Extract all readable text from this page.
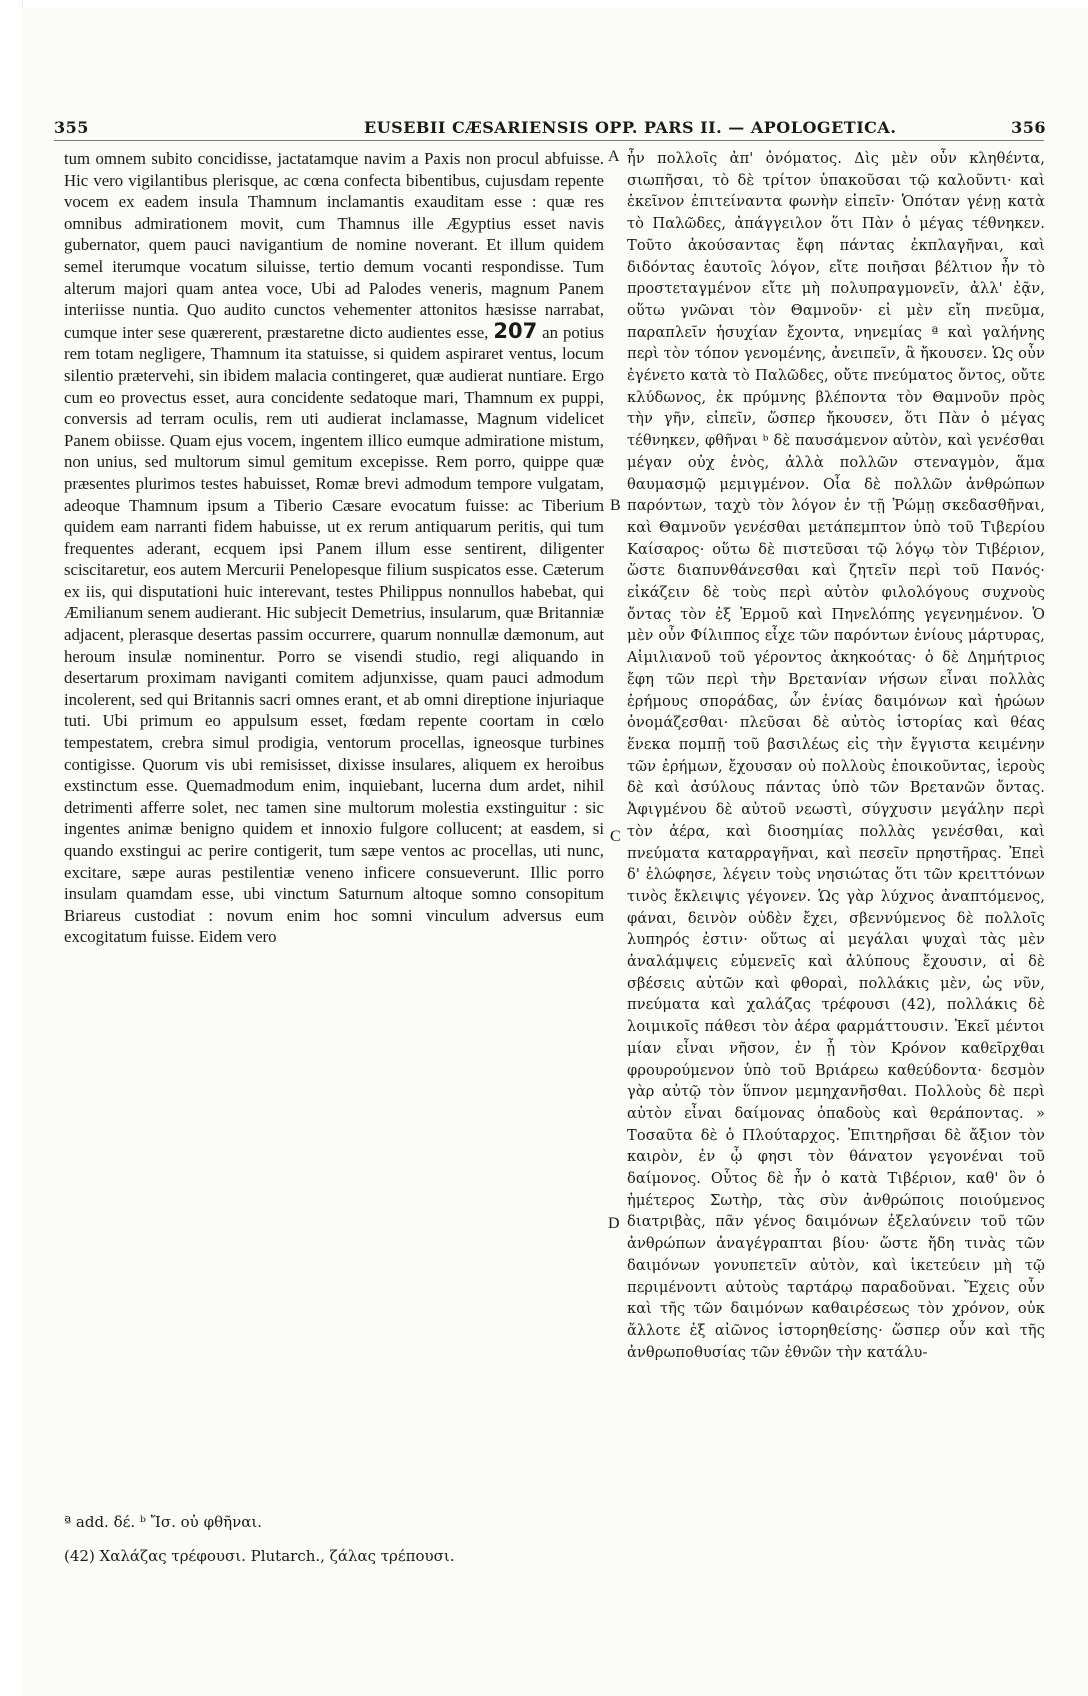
355	EUSEBII CÆSARIENSIS OPP. PARS II. — APOLOGETICA.	356

tum omnem subito concidisse, jactatamque navim a Paxis non procul abfuisse. Hic vero vigilantibus plerisque, ac cœna confecta bibentibus, cujusdam repente vocem ex eadem insula Thamnum inclamantis exauditam esse : quæ res omnibus admirationem movit, cum Thamnus ille Ægyptius esset navis gubernator, quem pauci navigantium de nomine noverant. Et illum quidem semel iterumque vocatum siluisse, tertio demum vocanti respondisse. Tum alterum majori quam antea voce, Ubi ad Palodes veneris, magnum Panem interiisse nuntia. Quo audito cunctos vehementer attonitos hæsisse narrabat, cumque inter sese quærerent, præstaretne dicto audientes esse, 207 an potius rem totam negligere, Thamnum ita statuisse, si quidem aspiraret ventus, locum silentio prætervehi, sin ibidem malacia contingeret, quæ audierat nuntiare. Ergo cum eo provectus esset, aura concidente sedatoque mari, Thamnum ex puppi, conversis ad terram oculis, rem uti audierat inclamasse, Magnum videlicet Panem obiisse. Quam ejus vocem, ingentem illico eumque admiratione mistum, non unius, sed multorum simul gemitum excepisse. Rem porro, quippe quæ præsentes plurimos testes habuisset, Romæ brevi admodum tempore vulgatam, adeoque Thamnum ipsum a Tiberio Cæsare evocatum fuisse: ac Tiberium quidem eam narranti fidem habuisse, ut ex rerum antiquarum peritis, qui tum frequentes aderant, ecquem ipsi Panem illum esse sentirent, diligenter sciscitaretur, eos autem Mercurii Penelopesque filium suspicatos esse. Cæterum ex iis, qui disputationi huic interevant, testes Philippus nonnullos habebat, qui Æmilianum senem audierant. Hic subjecit Demetrius, insularum, quæ Britanniæ adjacent, plerasque desertas passim occurrere, quarum nonnullæ dæmonum, aut heroum insulæ nominentur. Porro se visendi studio, regi aliquando in desertarum proximam naviganti comitem adjunxisse, quam pauci admodum incolerent, sed qui Britannis sacri omnes erant, et ab omni direptione injuriaque tuti. Ubi primum eo appulsum esset, fœdam repente coortam in cœlo tempestatem, crebra simul prodigia, ventorum procellas, igneosque turbines contigisse. Quorum vis ubi remisisset, dixisse insulares, aliquem ex heroibus exstinctum esse. Quemadmodum enim, inquiebant, lucerna dum ardet, nihil detrimenti afferre solet, nec tamen sine multorum molestia exstinguitur : sic ingentes animæ benigno quidem et innoxio fulgore collucent; at easdem, si quando exstingui ac perire contigerit, tum sæpe ventos ac procellas, uti nunc, excitare, sæpe auras pestilentiæ veneno inficere consueverunt. Illic porro insulam quamdam esse, ubi vinctum Saturnum altoque somno consopitum Briareus custodiat : novum enim hoc somni vinculum adversus eum excogitatum fuisse. Eidem vero

A
B
C
D

ἦν πολλοῖς ἀπ' ὀνόματος. Δὶς μὲν οὖν κληθέντα, σιωπῆσαι, τὸ δὲ τρίτον ὑπακοῦσαι τῷ καλοῦντι· καὶ ἐκεῖνον ἐπιτείναντα φωνὴν εἰπεῖν· Ὁπόταν γένῃ κατὰ τὸ Παλῶδες, ἀπάγγειλον ὅτι Πὰν ὁ μέγας τέθνηκεν. Τοῦτο ἀκούσαντας ἔφη πάντας ἐκπλαγῆναι, καὶ διδόντας ἑαυτοῖς λόγον, εἴτε ποιῆσαι βέλτιον ἦν τὸ προστεταγμένον εἴτε μὴ πολυπραγμονεῖν, ἀλλ' ἐᾷν, οὕτω γνῶναι τὸν Θαμνοῦν· εἰ μὲν εἴη πνεῦμα, παραπλεῖν ἡσυχίαν ἔχοντα, νηνεμίας ª καὶ γαλήνης περὶ τὸν τόπον γενομένης, ἀνειπεῖν, ἃ ἤκουσεν. Ὡς οὖν ἐγένετο κατὰ τὸ Παλῶδες, οὔτε πνεύματος ὄντος, οὔτε κλύδωνος, ἐκ πρύμνης βλέποντα τὸν Θαμνοῦν πρὸς τὴν γῆν, εἰπεῖν, ὥσπερ ἤκουσεν, ὅτι Πὰν ὁ μέγας τέθνηκεν, φθῆναι ᵇ δὲ παυσάμενον αὐτὸν, καὶ γενέσθαι μέγαν οὐχ ἑνὸς, ἀλλὰ πολλῶν στεναγμὸν, ἅμα θαυμασμῷ μεμιγμένον. Οἷα δὲ πολλῶν ἀνθρώπων παρόντων, ταχὺ τὸν λόγον ἐν τῇ Ῥώμῃ σκεδασθῆναι, καὶ Θαμνοῦν γενέσθαι μετάπεμπτον ὑπὸ τοῦ Τιβερίου Καίσαρος· οὕτω δὲ πιστεῦσαι τῷ λόγῳ τὸν Τιβέριον, ὥστε διαπυνθάνεσθαι καὶ ζητεῖν περὶ τοῦ Πανός· εἰκάζειν δὲ τοὺς περὶ αὐτὸν φιλολόγους συχνοὺς ὄντας τὸν ἐξ Ἑρμοῦ καὶ Πηνελόπης γεγενημένον. Ὁ μὲν οὖν Φίλιππος εἶχε τῶν παρόντων ἐνίους μάρτυρας, Αἰμιλιανοῦ τοῦ γέροντος ἀκηκοότας· ὁ δὲ Δημήτριος ἔφη τῶν περὶ τὴν Βρετανίαν νήσων εἶναι πολλὰς ἐρήμους σποράδας, ὧν ἐνίας δαιμόνων καὶ ἡρώων ὀνομάζεσθαι· πλεῦσαι δὲ αὐτὸς ἱστορίας καὶ θέας ἕνεκα πομπῇ τοῦ βασιλέως εἰς τὴν ἔγγιστα κειμένην τῶν ἐρήμων, ἔχουσαν οὐ πολλοὺς ἐποικοῦντας, ἱεροὺς δὲ καὶ ἀσύλους πάντας ὑπὸ τῶν Βρετανῶν ὄντας. Ἀφιγμένου δὲ αὐτοῦ νεωστὶ, σύγχυσιν μεγάλην περὶ τὸν ἀέρα, καὶ διοσημίας πολλὰς γενέσθαι, καὶ πνεύματα καταρραγῆναι, καὶ πεσεῖν πρηστῆρας. Ἐπεὶ δ' ἐλώφησε, λέγειν τοὺς νησιώτας ὅτι τῶν κρειττόνων τινὸς ἔκλειψις γέγονεν. Ὡς γὰρ λύχνος ἀναπτόμενος, φάναι, δεινὸν οὐδὲν ἔχει, σβεννύμενος δὲ πολλοῖς λυπηρός ἐστιν· οὕτως αἱ μεγάλαι ψυχαὶ τὰς μὲν ἀναλάμψεις εὐμενεῖς καὶ ἀλύπους ἔχουσιν, αἱ δὲ σβέσεις αὐτῶν καὶ φθοραὶ, πολλάκις μὲν, ὡς νῦν, πνεύματα καὶ χαλάζας τρέφουσι (42), πολλάκις δὲ λοιμικοῖς πάθεσι τὸν ἀέρα φαρμάττουσιν. Ἐκεῖ μέντοι μίαν εἶναι νῆσον, ἐν ᾗ τὸν Κρόνον καθεῖρχθαι φρουρούμενον ὑπὸ τοῦ Βριάρεω καθεύδοντα· δεσμὸν γὰρ αὐτῷ τὸν ὕπνον μεμηχανῆσθαι. Πολλοὺς δὲ περὶ αὐτὸν εἶναι δαίμονας ὀπαδοὺς καὶ θεράποντας. » Τοσαῦτα δὲ ὁ Πλούταρχος. Ἐπιτηρῆσαι δὲ ἄξιον τὸν καιρὸν, ἐν ᾧ φησι τὸν θάνατον γεγονέναι τοῦ δαίμονος. Οὗτος δὲ ἦν ὁ κατὰ Τιβέριον, καθ' ὃν ὁ ἡμέτερος Σωτὴρ, τὰς σὺν ἀνθρώποις ποιούμενος διατριβὰς, πᾶν γένος δαιμόνων ἐξελαύνειν τοῦ τῶν ἀνθρώπων ἀναγέγραπται βίου· ὥστε ἤδη τινὰς τῶν δαιμόνων γονυπετεῖν αὐτὸν, καὶ ἱκετεύειν μὴ τῷ περιμένοντι αὐτοὺς ταρτάρῳ παραδοῦναι. Ἔχεις οὖν καὶ τῆς τῶν δαιμόνων καθαιρέσεως τὸν χρόνον, οὐκ ἄλλοτε ἐξ αἰῶνος ἱστορηθείσης· ὥσπερ οὖν καὶ τῆς ἀνθρωποθυσίας τῶν ἐθνῶν τὴν κατάλυ-

ª add. δέ. ᵇ Ἴσ. οὐ φθῆναι.

(42) Χαλάζας τρέφουσι. Plutarch., ζάλας τρέπουσι.
